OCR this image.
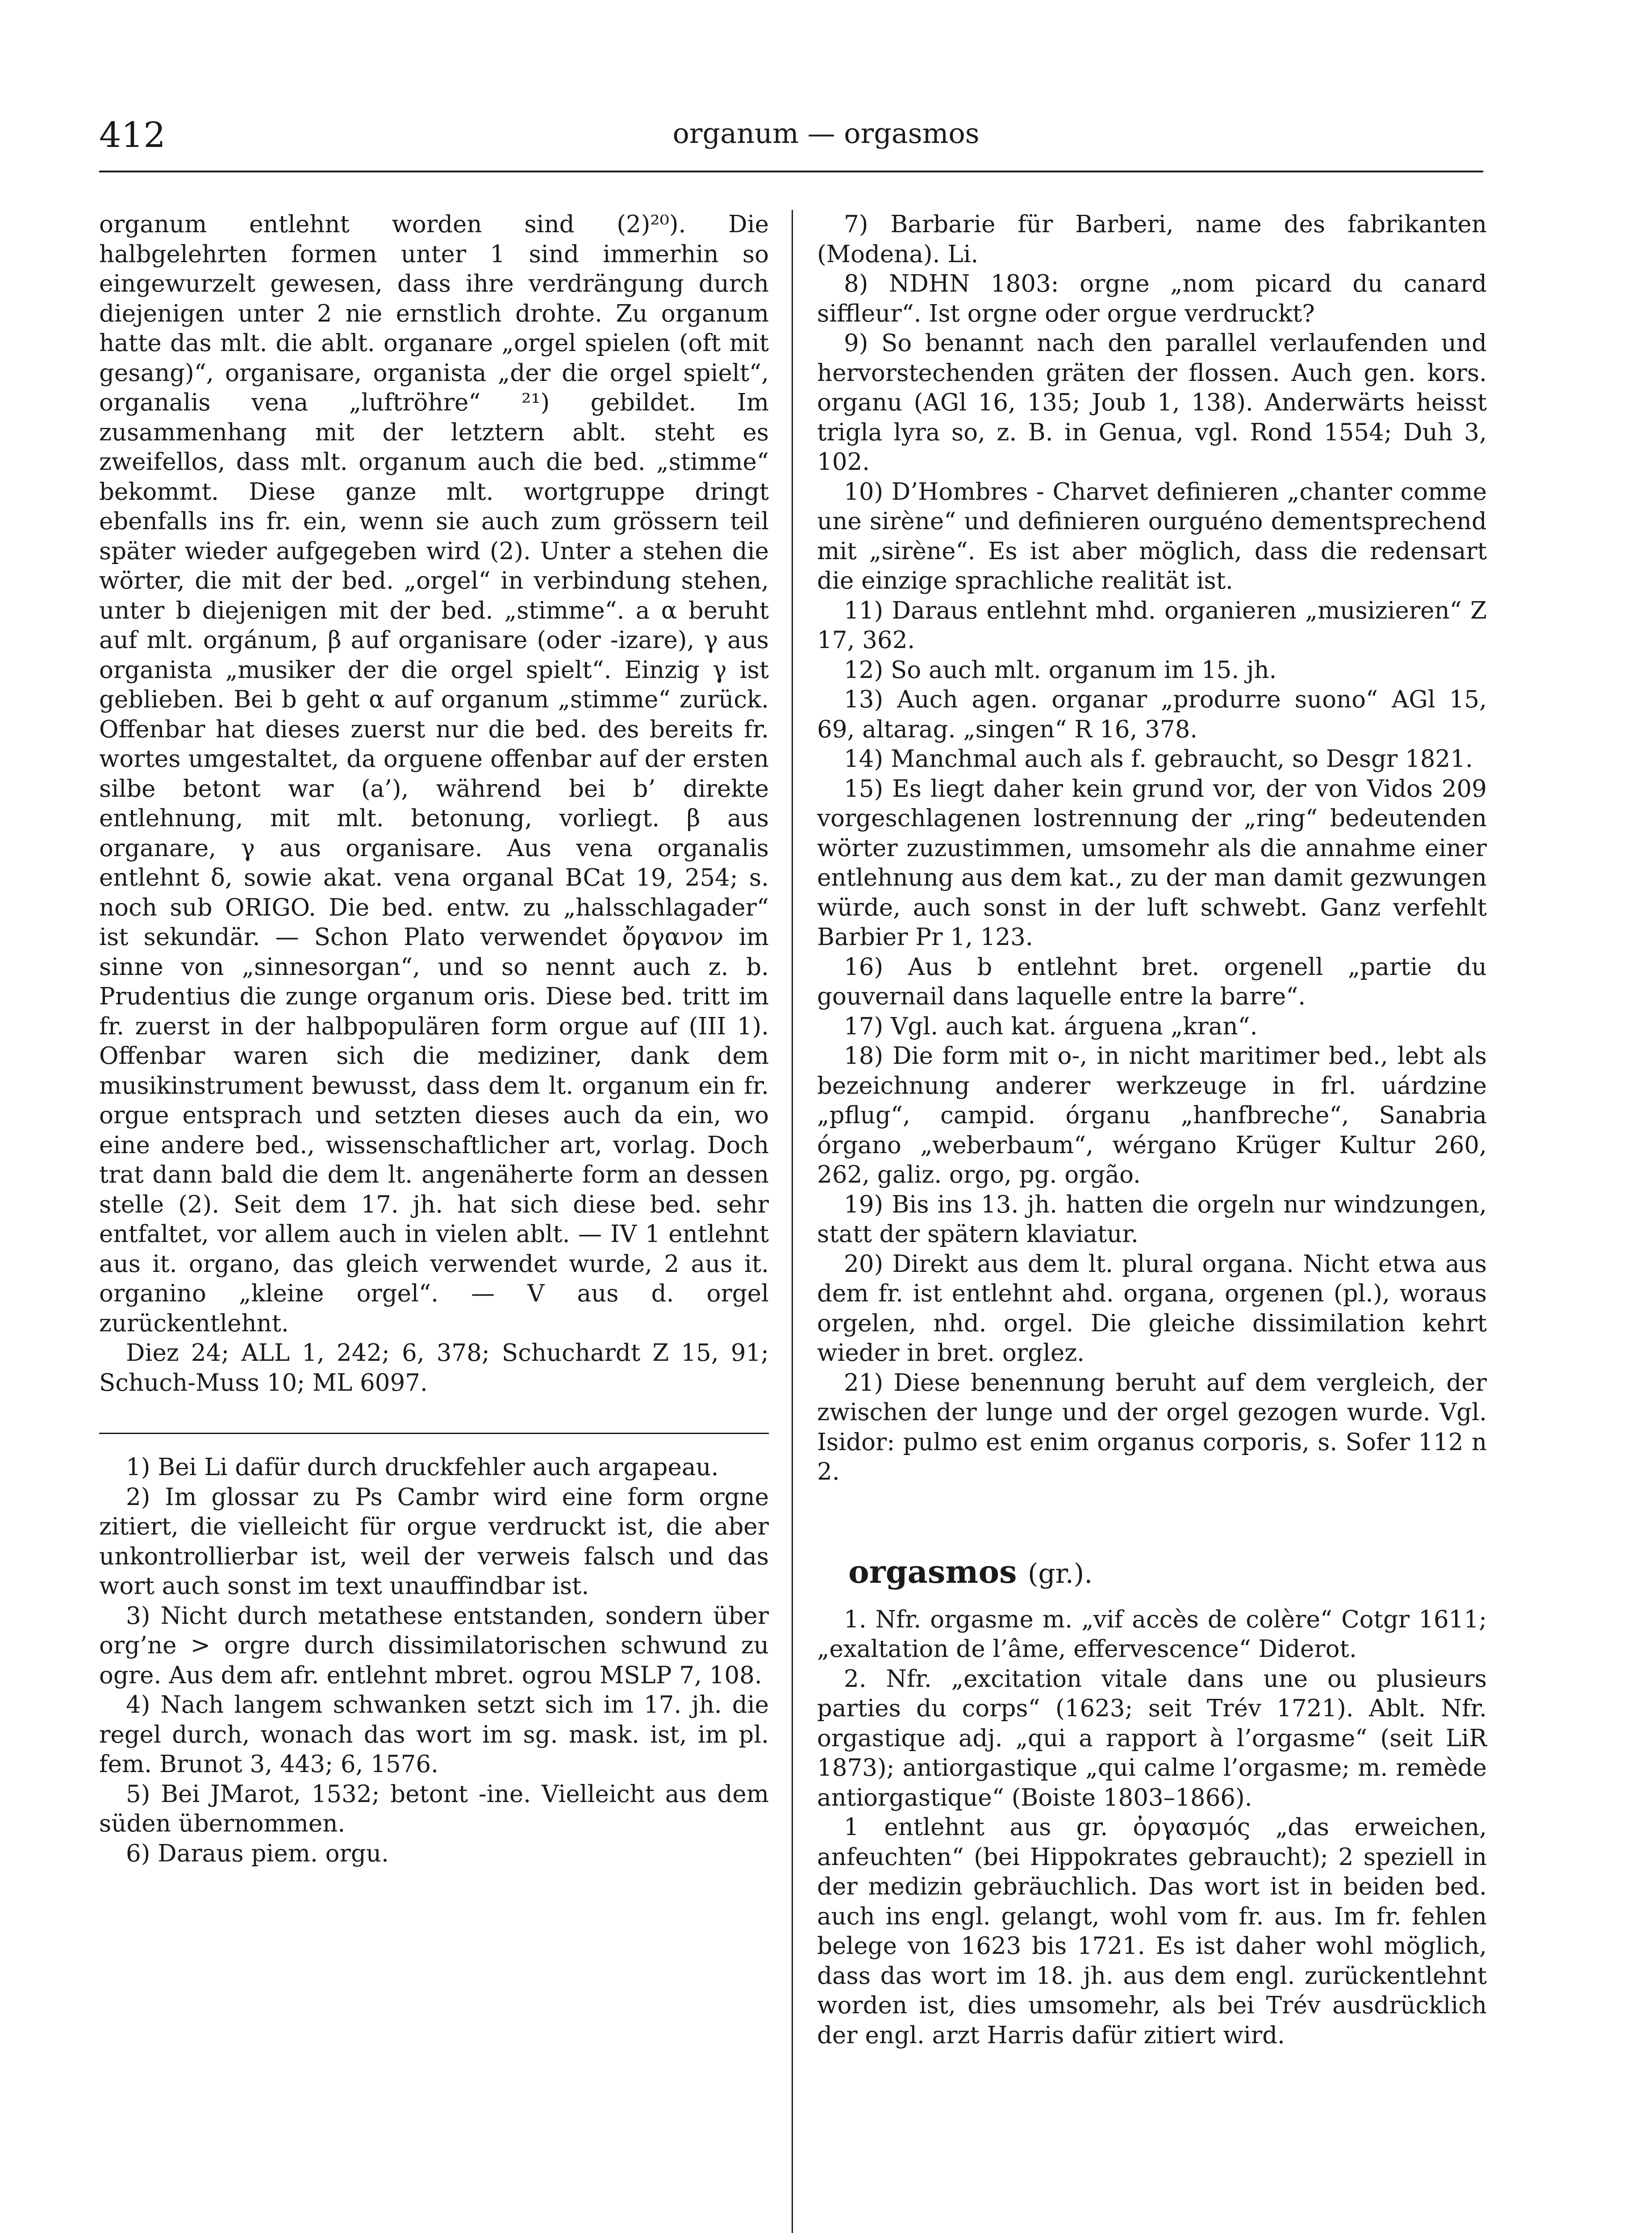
412	organum — orgasmos

organum entlehnt worden sind (2)²⁰). Die halbgelehrten formen unter 1 sind immerhin so eingewurzelt gewesen, dass ihre verdrängung durch diejenigen unter 2 nie ernstlich drohte. Zu organum hatte das mlt. die ablt. organare „orgel spielen (oft mit gesang)“, organisare, organista „der die orgel spielt“, organalis vena „luftröhre“ ²¹) gebildet. Im zusammenhang mit der letztern ablt. steht es zweifellos, dass mlt. organum auch die bed. „stimme“ bekommt. Diese ganze mlt. wortgruppe dringt ebenfalls ins fr. ein, wenn sie auch zum grössern teil später wieder aufgegeben wird (2). Unter a stehen die wörter, die mit der bed. „orgel“ in verbindung stehen, unter b diejenigen mit der bed. „stimme“. a α beruht auf mlt. orgánum, β auf organisare (oder -izare), γ aus organista „musiker der die orgel spielt“. Einzig γ ist geblieben. Bei b geht α auf organum „stimme“ zurück. Offenbar hat dieses zuerst nur die bed. des bereits fr. wortes umgestaltet, da orguene offenbar auf der ersten silbe betont war (a’), während bei b’ direkte entlehnung, mit mlt. betonung, vorliegt. β aus organare, γ aus organisare. Aus vena organalis entlehnt δ, sowie akat. vena organal BCat 19, 254; s. noch sub ORIGO. Die bed. entw. zu „halsschlagader“ ist sekundär. — Schon Plato verwendet ὄργανον im sinne von „sinnesorgan“, und so nennt auch z. b. Prudentius die zunge organum oris. Diese bed. tritt im fr. zuerst in der halbpopulären form orgue auf (III 1). Offenbar waren sich die mediziner, dank dem musikinstrument bewusst, dass dem lt. organum ein fr. orgue entsprach und setzten dieses auch da ein, wo eine andere bed., wissenschaftlicher art, vorlag. Doch trat dann bald die dem lt. angenäherte form an dessen stelle (2). Seit dem 17. jh. hat sich diese bed. sehr entfaltet, vor allem auch in vielen ablt. — IV 1 entlehnt aus it. organo, das gleich verwendet wurde, 2 aus it. organino „kleine orgel“. — V aus d. orgel zurückentlehnt.

Diez 24; ALL 1, 242; 6, 378; Schuchardt Z 15, 91; Schuch-Muss 10; ML 6097.

1) Bei Li dafür durch druckfehler auch argapeau.

2) Im glossar zu Ps Cambr wird eine form orgne zitiert, die vielleicht für orgue verdruckt ist, die aber unkontrollierbar ist, weil der verweis falsch und das wort auch sonst im text unauffindbar ist.

3) Nicht durch metathese entstanden, sondern über org’ne > orgre durch dissimilatorischen schwund zu ogre. Aus dem afr. entlehnt mbret. ogrou MSLP 7, 108.

4) Nach langem schwanken setzt sich im 17. jh. die regel durch, wonach das wort im sg. mask. ist, im pl. fem. Brunot 3, 443; 6, 1576.

5) Bei JMarot, 1532; betont -ine. Vielleicht aus dem süden übernommen.

6) Daraus piem. orgu.

7) Barbarie für Barberi, name des fabrikanten (Modena). Li.

8) NDHN 1803: orgne „nom picard du canard siffleur“. Ist orgne oder orgue verdruckt?

9) So benannt nach den parallel verlaufenden und hervorstechenden gräten der flossen. Auch gen. kors. organu (AGl 16, 135; Joub 1, 138). Anderwärts heisst trigla lyra so, z. B. in Genua, vgl. Rond 1554; Duh 3, 102.

10) D’Hombres - Charvet definieren „chanter comme une sirène“ und definieren ourguéno dementsprechend mit „sirène“. Es ist aber möglich, dass die redensart die einzige sprachliche realität ist.

11) Daraus entlehnt mhd. organieren „musizieren“ Z 17, 362.

12) So auch mlt. organum im 15. jh.

13) Auch agen. organar „produrre suono“ AGl 15, 69, altarag. „singen“ R 16, 378.

14) Manchmal auch als f. gebraucht, so Desgr 1821.

15) Es liegt daher kein grund vor, der von Vidos 209 vorgeschlagenen lostrennung der „ring“ bedeutenden wörter zuzustimmen, umsomehr als die annahme einer entlehnung aus dem kat., zu der man damit gezwungen würde, auch sonst in der luft schwebt. Ganz verfehlt Barbier Pr 1, 123.

16) Aus b entlehnt bret. orgenell „partie du gouvernail dans laquelle entre la barre“.

17) Vgl. auch kat. árguena „kran“.

18) Die form mit o-, in nicht maritimer bed., lebt als bezeichnung anderer werkzeuge in frl. uárdzine „pflug“, campid. órganu „hanfbreche“, Sanabria órgano „weberbaum“, wérgano Krüger Kultur 260, 262, galiz. orgo, pg. orgão.

19) Bis ins 13. jh. hatten die orgeln nur windzungen, statt der spätern klaviatur.

20) Direkt aus dem lt. plural organa. Nicht etwa aus dem fr. ist entlehnt ahd. organa, orgenen (pl.), woraus orgelen, nhd. orgel. Die gleiche dissimilation kehrt wieder in bret. orglez.

21) Diese benennung beruht auf dem vergleich, der zwischen der lunge und der orgel gezogen wurde. Vgl. Isidor: pulmo est enim organus corporis, s. Sofer 112 n 2.

orgasmos (gr.).

1. Nfr. orgasme m. „vif accès de colère“ Cotgr 1611; „exaltation de l’âme, effervescence“ Diderot.

2. Nfr. „excitation vitale dans une ou plusieurs parties du corps“ (1623; seit Trév 1721). Ablt. Nfr. orgastique adj. „qui a rapport à l’orgasme“ (seit LiR 1873); antiorgastique „qui calme l’orgasme; m. remède antiorgastique“ (Boiste 1803–1866).

1 entlehnt aus gr. ὀργασμός „das erweichen, anfeuchten“ (bei Hippokrates gebraucht); 2 speziell in der medizin gebräuchlich. Das wort ist in beiden bed. auch ins engl. gelangt, wohl vom fr. aus. Im fr. fehlen belege von 1623 bis 1721. Es ist daher wohl möglich, dass das wort im 18. jh. aus dem engl. zurückentlehnt worden ist, dies umsomehr, als bei Trév ausdrücklich der engl. arzt Harris dafür zitiert wird.
